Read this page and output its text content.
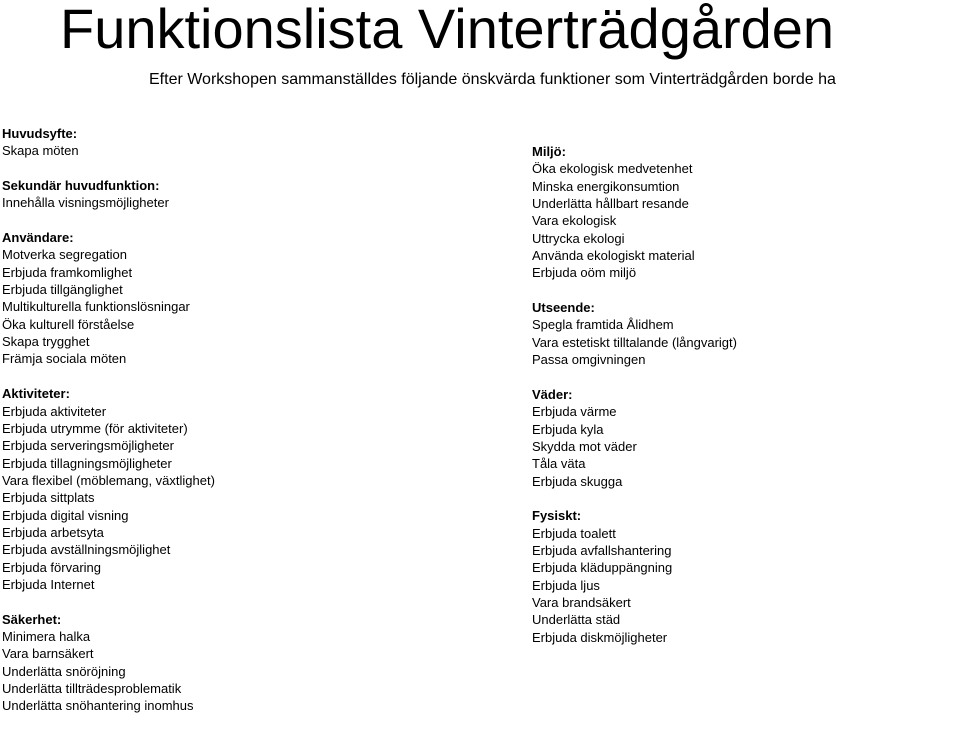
Funktionslista Vinterträdgården
Efter Workshopen sammanställdes följande önskvärda funktioner som Vinterträdgården borde ha
Huvudsyfte:
Skapa möten
Sekundär huvudfunktion:
Innehålla visningsmöjligheter
Användare:
Motverka segregation
Erbjuda framkomlighet
Erbjuda tillgänglighet
Multikulturella funktionslösningar
Öka kulturell förståelse
Skapa trygghet
Främja sociala möten
Aktiviteter:
Erbjuda aktiviteter
Erbjuda utrymme (för aktiviteter)
Erbjuda serveringsmöjligheter
Erbjuda tillagningsmöjligheter
Vara flexibel (möblemang, växtlighet)
Erbjuda sittplats
Erbjuda digital visning
Erbjuda arbetsyta
Erbjuda avställningsmöjlighet
Erbjuda förvaring
Erbjuda Internet
Säkerhet:
Minimera halka
Vara barnsäkert
Underlätta snöröjning
Underlätta tillträdesproblematik
Underlätta snöhantering inomhus
Miljö:
Öka ekologisk medvetenhet
Minska energikonsumtion
Underlätta hållbart resande
Vara ekologisk
Uttrycka ekologi
Använda ekologiskt material
Erbjuda oöm miljö
Utseende:
Spegla framtida Ålidhem
Vara estetiskt tilltalande (långvarigt)
Passa omgivningen
Väder:
Erbjuda värme
Erbjuda kyla
Skydda mot väder
Tåla väta
Erbjuda skugga
Fysiskt:
Erbjuda toalett
Erbjuda avfallshantering
Erbjuda kläduppängning
Erbjuda ljus
Vara brandsäkert
Underlätta städ
Erbjuda diskmöjligheter
